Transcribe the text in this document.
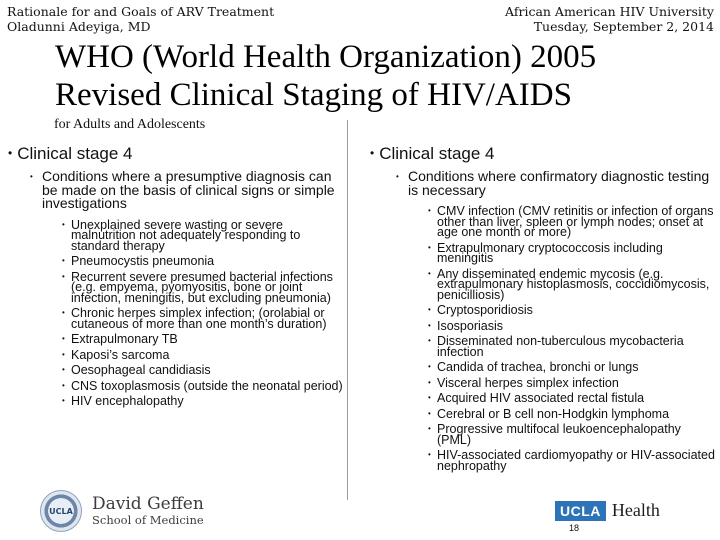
Rationale for and Goals of ARV Treatment
Oladunni Adeyiga, MD
African American HIV University
Tuesday, September 2, 2014
WHO (World Health Organization) 2005
Revised Clinical Staging of HIV/AIDS
for Adults and Adolescents
• Clinical stage 4
• Conditions where a presumptive diagnosis can be made on the basis of clinical signs or simple investigations
• Unexplained severe wasting or severe malnutrition not adequately responding to standard therapy
• Pneumocystis pneumonia
• Recurrent severe presumed bacterial infections (e.g. empyema, pyomyositis, bone or joint infection, meningitis, but excluding pneumonia)
• Chronic herpes simplex infection; (orolabial or cutaneous of more than one month’s duration)
• Extrapulmonary TB
• Kaposi’s sarcoma
• Oesophageal candidiasis
• CNS toxoplasmosis (outside the neonatal period)
• HIV encephalopathy
• Clinical stage 4
• Conditions where confirmatory diagnostic testing is necessary
• CMV infection (CMV retinitis or infection of organs other than liver, spleen or lymph nodes; onset at age one month or more)
• Extrapulmonary cryptococcosis including meningitis
• Any disseminated endemic mycosis (e.g. extrapulmonary histoplasmosis, coccidiomycosis, penicilliosis)
• Cryptosporidiosis
• Isosporiasis
• Disseminated non-tuberculous mycobacteria infection
• Candida of trachea, bronchi or lungs
• Visceral herpes simplex infection
• Acquired HIV associated rectal fistula
• Cerebral or B cell non-Hodgkin lymphoma
• Progressive multifocal leukoencephalopathy (PML)
• HIV-associated cardiomyopathy or HIV-associated nephropathy
UCLA David Geffen
School of Medicine
UCLA Health
18
